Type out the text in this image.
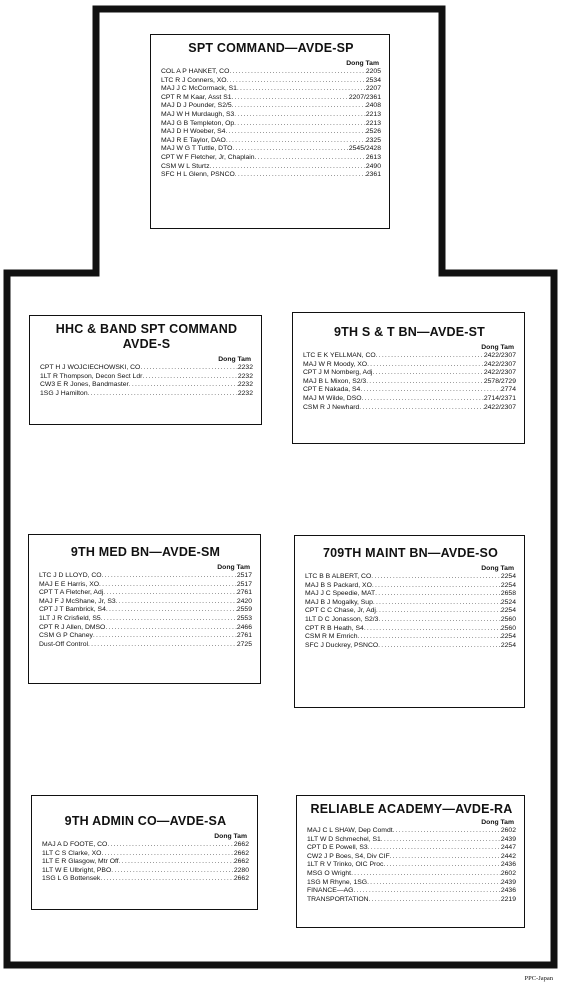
SPT COMMAND—AVDE-SP
Dong Tam
COL A P HANKET, CO .....	2205
LTC R J Conners, XO .....	2534
MAJ J C McCormack, S1 .....	2207
CPT R M Kaar, Asst S1 .....	2207/2361
MAJ D J Pounder, S2/5 .....	2408
MAJ W H Murdaugh, S3 .....	2213
MAJ G B Templeton, Op .....	2213
MAJ D H Woeber, S4 .....	2526
MAJ R E Taylor, DAO .....	2325
MAJ W G T Tuttle, DTO .....	2545/2428
CPT W F Fletcher, Jr, Chaplain .....	2613
CSM W L Sturtz .....	2490
SFC H L Glenn, PSNCO .....	2361
HHC & BAND SPT COMMAND
AVDE-S
Dong Tam
CPT H J WOJCIECHOWSKI, CO .....	2232
1LT R Thompson, Decon Sect Ldr .....	2232
CW3 E R Jones, Bandmaster .....	2232
1SG J Hamilton .....	2232
9TH S & T BN—AVDE-ST
Dong Tam
LTC E K YELLMAN, CO .....	2422/2307
MAJ W R Moody, XO .....	2422/2307
CPT J M Nomberg, Adj .....	2422/2307
MAJ B L Mixon, S2/3 .....	2578/2729
CPT E Nakada, S4 .....	2774
MAJ M Wilde, DSO .....	2714/2371
CSM R J Newhard .....	2422/2307
9TH MED BN—AVDE-SM
Dong Tam
LTC J D LLOYD, CO .....	2517
MAJ E E Harris, XO .....	2517
CPT T A Fletcher, Adj .....	2761
MAJ F J McShane, Jr, S3 .....	2420
CPT J T Bambrick, S4 .....	2559
1LT J R Crisfield, S5 .....	2553
CPT R J Allen, DMSO .....	2466
CSM G P Chaney .....	2761
Dust-Off Control .....	2725
709TH MAINT BN—AVDE-SO
Dong Tam
LTC B B ALBERT, CO .....	2254
MAJ B S Packard, XO .....	2254
MAJ J C Speedie, MAT .....	2658
MAJ B J Mogalky, Sup .....	2524
CPT C C Chase, Jr, Adj .....	2254
1LT D C Jonasson, S2/3 .....	2560
CPT R B Heath, S4 .....	2560
CSM R M Emrich .....	2254
SFC J Duckrey, PSNCO .....	2254
9TH ADMIN CO—AVDE-SA
Dong Tam
MAJ A D FOOTE, CO .....	2662
1LT C S Clarke, XO .....	2662
1LT E R Glasgow, Mtr Off .....	2662
1LT W E Ulbright, PBO .....	2280
1SG L G Bottensek .....	2662
RELIABLE ACADEMY—AVDE-RA
Dong Tam
MAJ C L SHAW, Dep Comdt .....	2602
1LT W D Schmechel, S1 .....	2439
CPT D E Powell, S3 .....	2447
CW2 J P Boes, S4, Div CIF .....	2442
1LT R V Trinko, OIC Proc .....	2436
MSG O Wright .....	2602
1SG M Rhyne, 1SG .....	2439
FINANCE—AG .....	2436
TRANSPORTATION .....	2219
PPC-Japan
